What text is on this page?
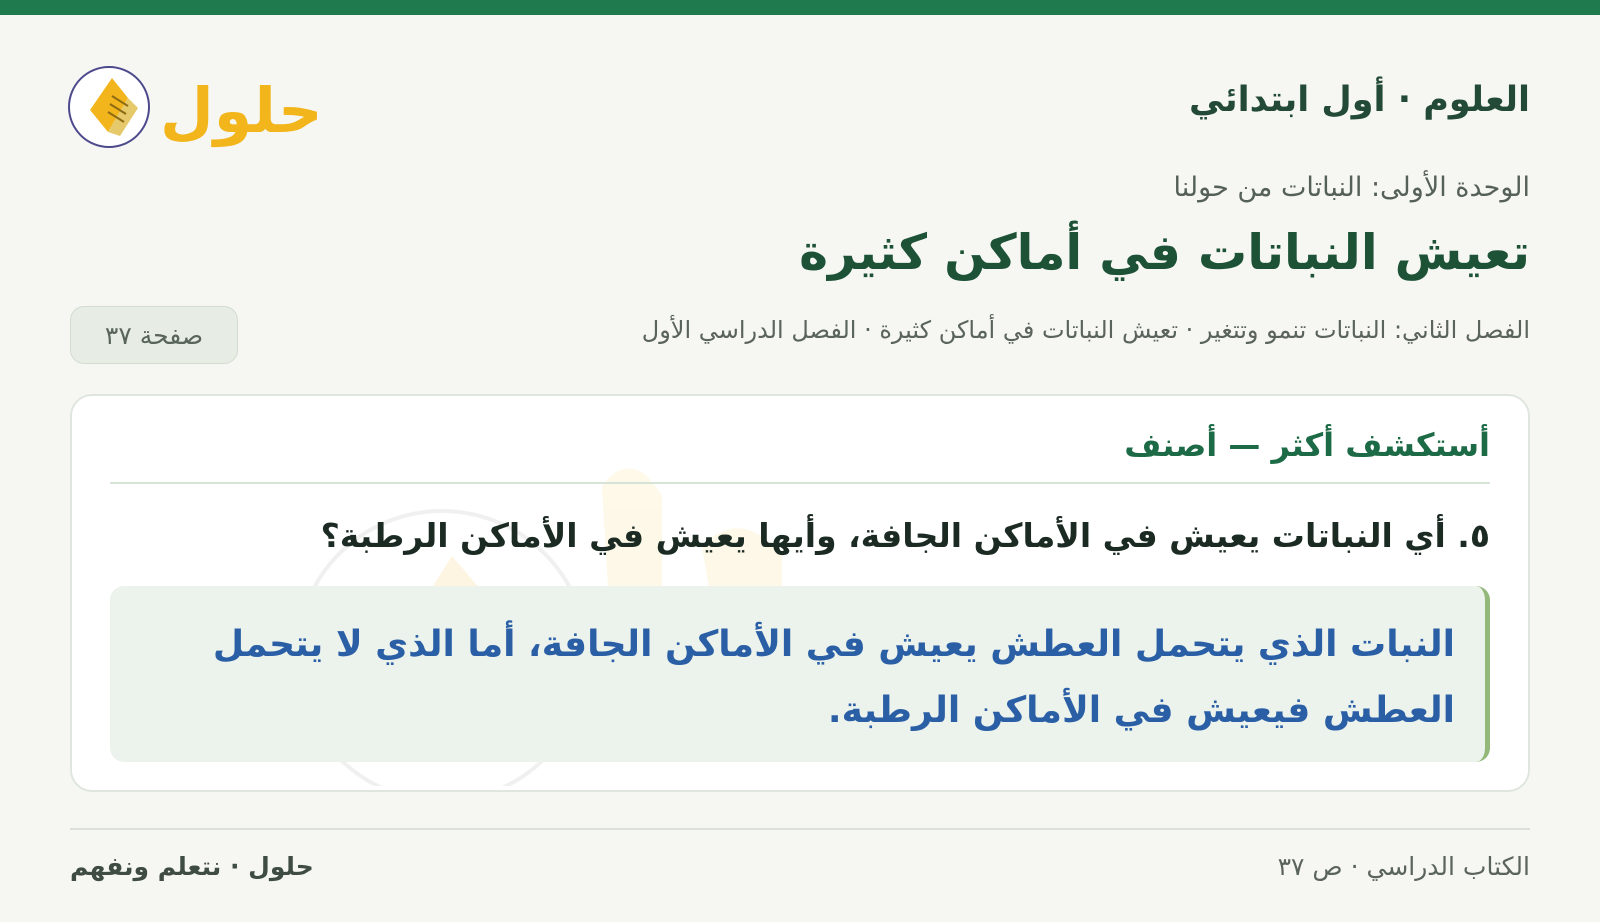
العلوم · أول ابتدائي
حلول
الوحدة الأولى: النباتات من حولنا
تعيش النباتات في أماكن كثيرة
الفصل الثاني: النباتات تنمو وتتغير · تعيش النباتات في أماكن كثيرة · الفصل الدراسي الأول
صفحة ٣٧
أستكشف أكثر — أصنف

٥. أي النباتات يعيش في الأماكن الجافة، وأيها يعيش في الأماكن الرطبة؟

النبات الذي يتحمل العطش يعيش في الأماكن الجافة، أما الذي لا يتحمل العطش فيعيش في الأماكن الرطبة.

الكتاب الدراسي · ص ٣٧
حلول · نتعلم ونفهم
